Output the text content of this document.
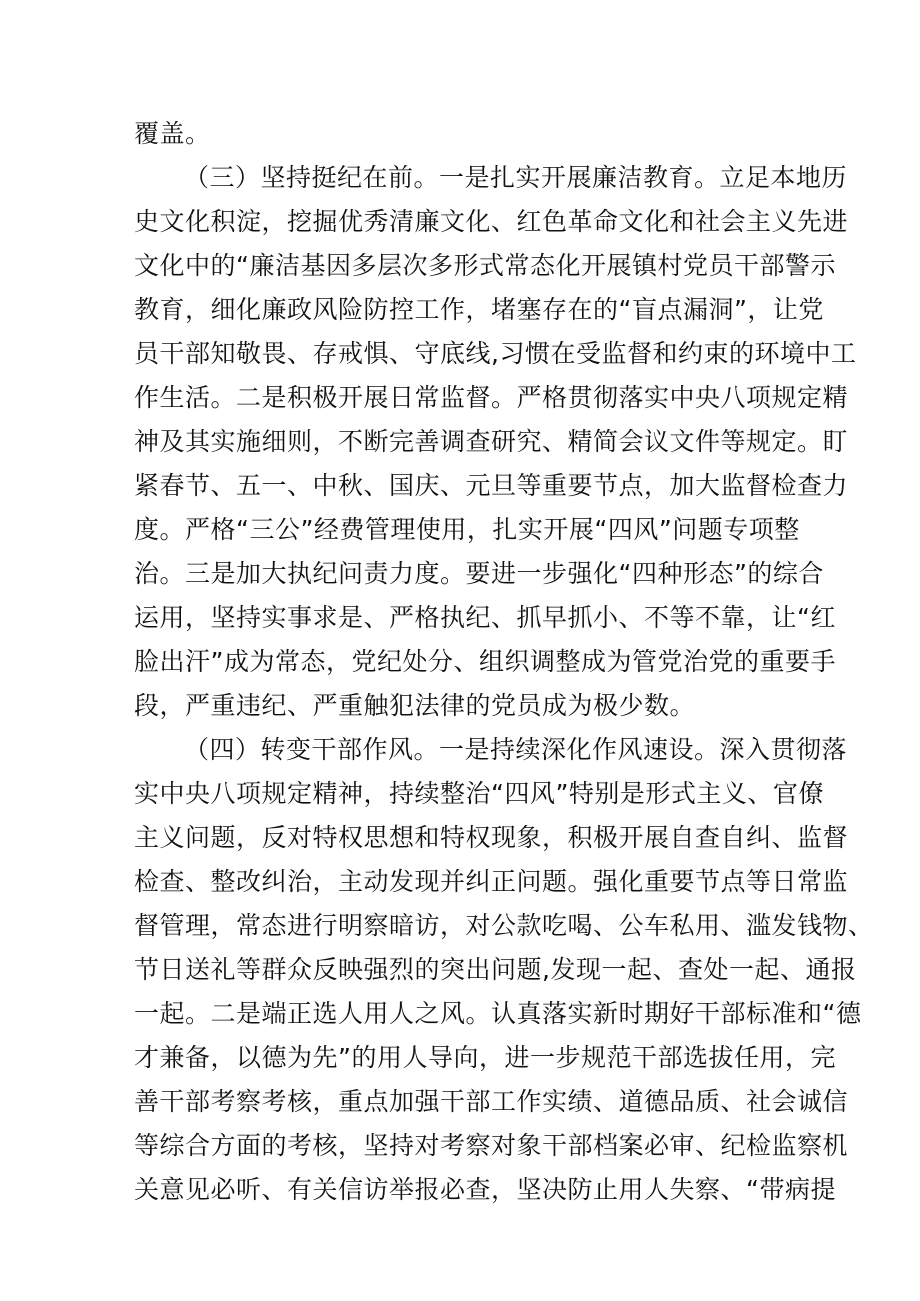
覆盖。
（三）坚持挺纪在前。一是扎实开展廉洁教育。立足本地历
史文化积淀，挖掘优秀清廉文化、红色革命文化和社会主义先进
文化中的“廉洁基因多层次多形式常态化开展镇村党员干部警示
教育，细化廉政风险防控工作，堵塞存在的“盲点漏洞”，让党
员干部知敬畏、存戒惧、守底线,习惯在受监督和约束的环境中工
作生活。二是积极开展日常监督。严格贯彻落实中央八项规定精
神及其实施细则，不断完善调查研究、精简会议文件等规定。盯
紧春节、五一、中秋、国庆、元旦等重要节点，加大监督检查力
度。严格“三公”经费管理使用，扎实开展“四风”问题专项整
治。三是加大执纪问责力度。要进一步强化“四种形态”的综合
运用，坚持实事求是、严格执纪、抓早抓小、不等不靠，让“红
脸出汗”成为常态，党纪处分、组织调整成为管党治党的重要手
段，严重违纪、严重触犯法律的党员成为极少数。
（四）转变干部作风。一是持续深化作风速设。深入贯彻落
实中央八项规定精神，持续整治“四风”特别是形式主义、官僚
主义问题，反对特权思想和特权现象，积极开展自查自纠、监督
检查、整改纠治，主动发现并纠正问题。强化重要节点等日常监
督管理，常态进行明察暗访，对公款吃喝、公车私用、滥发钱物、
节日送礼等群众反映强烈的突出问题,发现一起、查处一起、通报
一起。二是端正选人用人之风。认真落实新时期好干部标准和“德
才兼备，以德为先”的用人导向，进一步规范干部选拔任用，完
善干部考察考核，重点加强干部工作实绩、道德品质、社会诚信
等综合方面的考核，坚持对考察对象干部档案必审、纪检监察机
关意见必听、有关信访举报必查，坚决防止用人失察、“带病提
